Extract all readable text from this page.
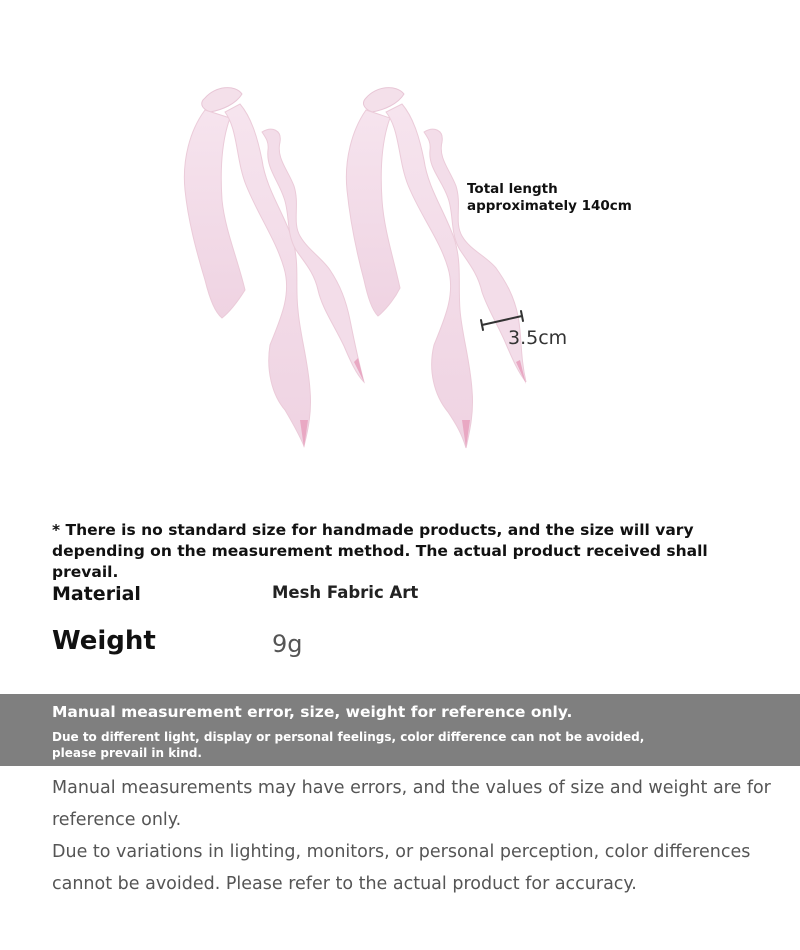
Total length
approximately 140cm
3.5cm
* There is no standard size for handmade products, and the size will vary depending on the measurement method. The actual product received shall prevail.
Material	Mesh Fabric Art
Weight	9g
Manual measurement error, size, weight for reference only.
Due to different light, display or personal feelings, color difference can not be avoided, please prevail in kind.

Manual measurements may have errors, and the values of size and weight are for reference only.

Due to variations in lighting, monitors, or personal perception, color differences cannot be avoided. Please refer to the actual product for accuracy.
